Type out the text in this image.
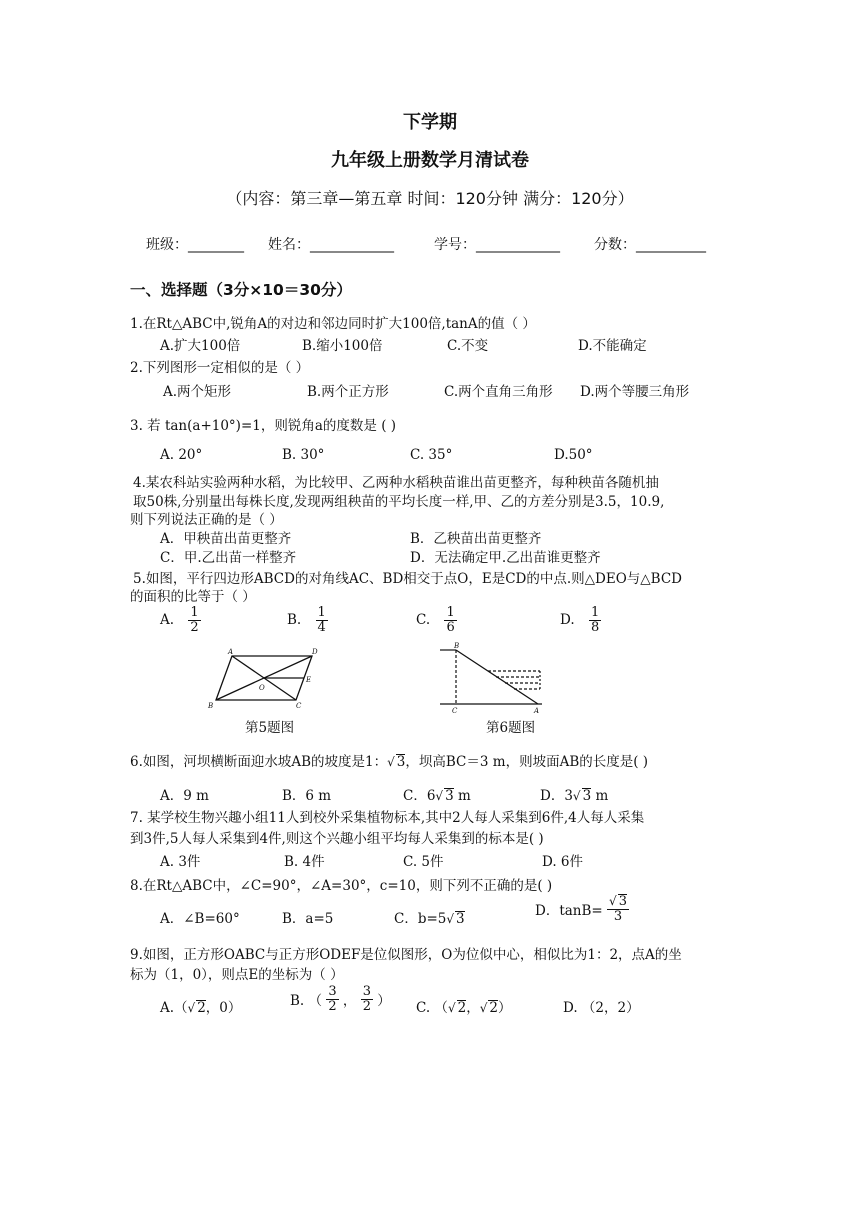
下学期
九年级上册数学月清试卷
（内容：第三章—第五章 时间：120分钟 满分：120分）
班级：________ 姓名：____________	学号：____________ 分数：__________
一、选择题（3分×10＝30分）
1.在Rt△ABC中,锐角A的对边和邻边同时扩大100倍,tanA的值（ ）
A.扩大100倍	B.缩小100倍	C.不变	D.不能确定
2.下列图形一定相似的是（ ）
A.两个矩形	B.两个正方形	C.两个直角三角形 D.两个等腰三角形
3. 若 tan(a+10°)=1，则锐角a的度数是 ( )
A. 20°	B. 30°	C. 35°	D.50°
4.某农科站实验两种水稻，为比较甲、乙两种水稻秧苗谁出苗更整齐，每种秧苗各随机抽
取50株,分别量出每株长度,发现两组秧苗的平均长度一样,甲、乙的方差分别是3.5，10.9,
则下列说法正确的是（ ）
A．甲秧苗出苗更整齐	B．乙秧苗出苗更整齐
C．甲.乙出苗一样整齐	D．无法确定甲.乙出苗谁更整齐
5.如图，平行四边形ABCD的对角线AC、BD相交于点O，E是CD的中点.则△DEO与△BCD
的面积的比等于（ ）
A. $\frac{1}{2}$	B. $\frac{1}{4}$	C. $\frac{1}{6}$	D. $\frac{1}{8}$
A	D
B	C
O
E
第5题图
B
C	A
第6题图
6.如图，河坝横断面迎水坡AB的坡度是1：√ 3，坝高BC＝3 m，则坡面AB的长度是( )
A．9 m	B．6 m	C．6√ 3 m	D．3√ 3 m
7. 某学校生物兴趣小组11人到校外采集植物标本,其中2人每人采集到6件,4人每人采集
到3件,5人每人采集到4件,则这个兴趣小组平均每人采集到的标本是( )
A. 3件	B. 4件	C. 5件	D. 6件
8.在Rt△ABC中，∠C=90°，∠A=30°，c=10，则下列不正确的是( )
A．∠B=60°	B．a=5	C．b=5√ 3
D．$\tan B= \frac{√ 3}{3}$
9.如图，正方形OABC与正方形ODEF是位似图形，O为位似中心，相似比为1：2，点A的坐
标为（1，0），则点E的坐标为（ ）
A.（√ 2，0）	B. （ $\frac{3}{2}$ ， $\frac{3}{2}$ ） C. （√ 2，√ 2）	D. （2，2）
